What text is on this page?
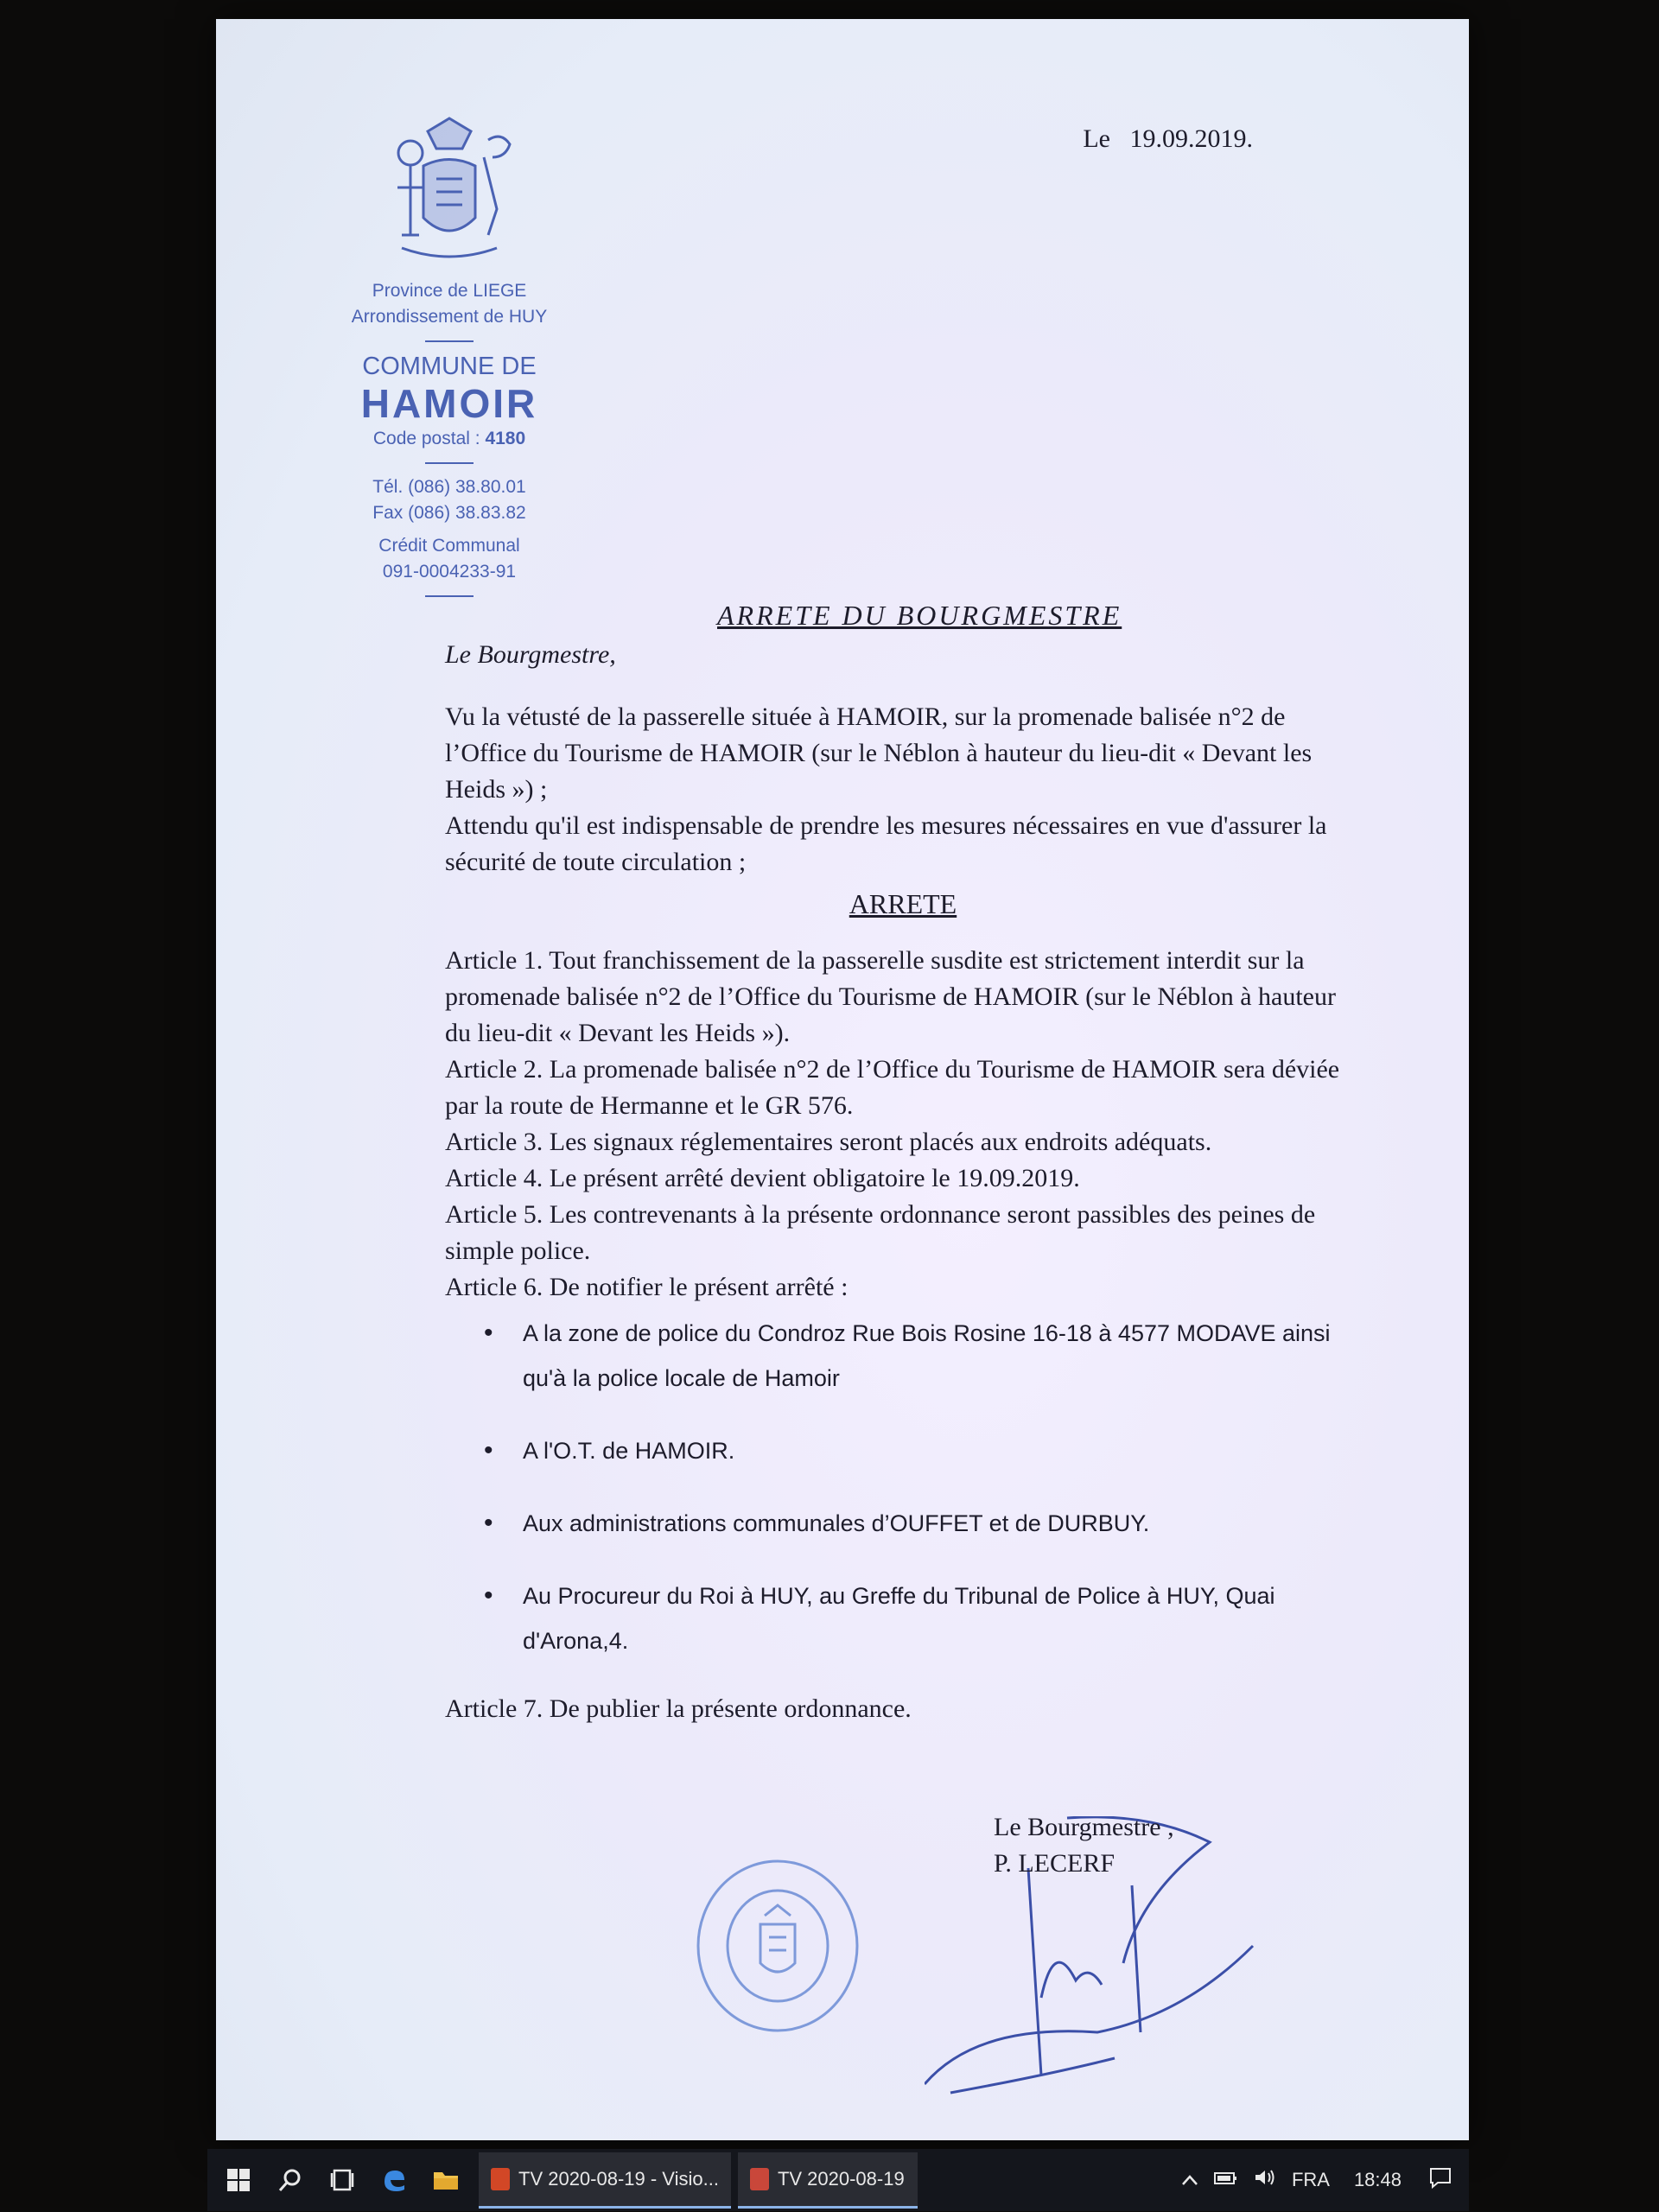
Province de LIEGE
Arrondissement de HUY
COMMUNE DE
HAMOIR
Code postal : 4180
Tél. (086) 38.80.01
Fax (086) 38.83.82
Crédit Communal
091-0004233-91
Le   19.09.2019.
ARRETE DU BOURGMESTRE

Le Bourgmestre,

Vu la vétusté de la passerelle située à HAMOIR, sur la promenade balisée n°2 de l’Office du Tourisme de HAMOIR (sur le Néblon à hauteur du lieu-dit « Devant les Heids ») ;

Attendu qu'il est indispensable de prendre les mesures nécessaires en vue d'assurer la sécurité de toute circulation ;

ARRETE

Article 1. Tout franchissement de la passerelle susdite est strictement interdit sur la promenade balisée n°2 de l’Office du Tourisme de HAMOIR (sur le Néblon à hauteur du lieu-dit « Devant les Heids »).

Article 2. La promenade balisée n°2 de l’Office du Tourisme de HAMOIR sera déviée par la route de Hermanne et le GR 576.

Article 3. Les signaux réglementaires seront placés aux endroits adéquats.

Article 4. Le présent arrêté devient obligatoire le 19.09.2019.

Article 5. Les contrevenants à la présente ordonnance seront passibles des peines de simple police.

Article 6. De notifier le présent arrêté :

• A la zone de police du Condroz Rue Bois Rosine 16-18 à 4577 MODAVE ainsi qu'à la police locale de Hamoir
• A l'O.T. de HAMOIR.
• Aux administrations communales d’OUFFET et de DURBUY.
• Au Procureur du Roi à HUY, au Greffe du Tribunal de Police à HUY, Quai d'Arona,4.

Article 7. De publier la présente ordonnance.

Le Bourgmestre ,
P. LECERF
TV 2020-08-19 - Visio...	TV 2020-08-19	FRA 18:48
